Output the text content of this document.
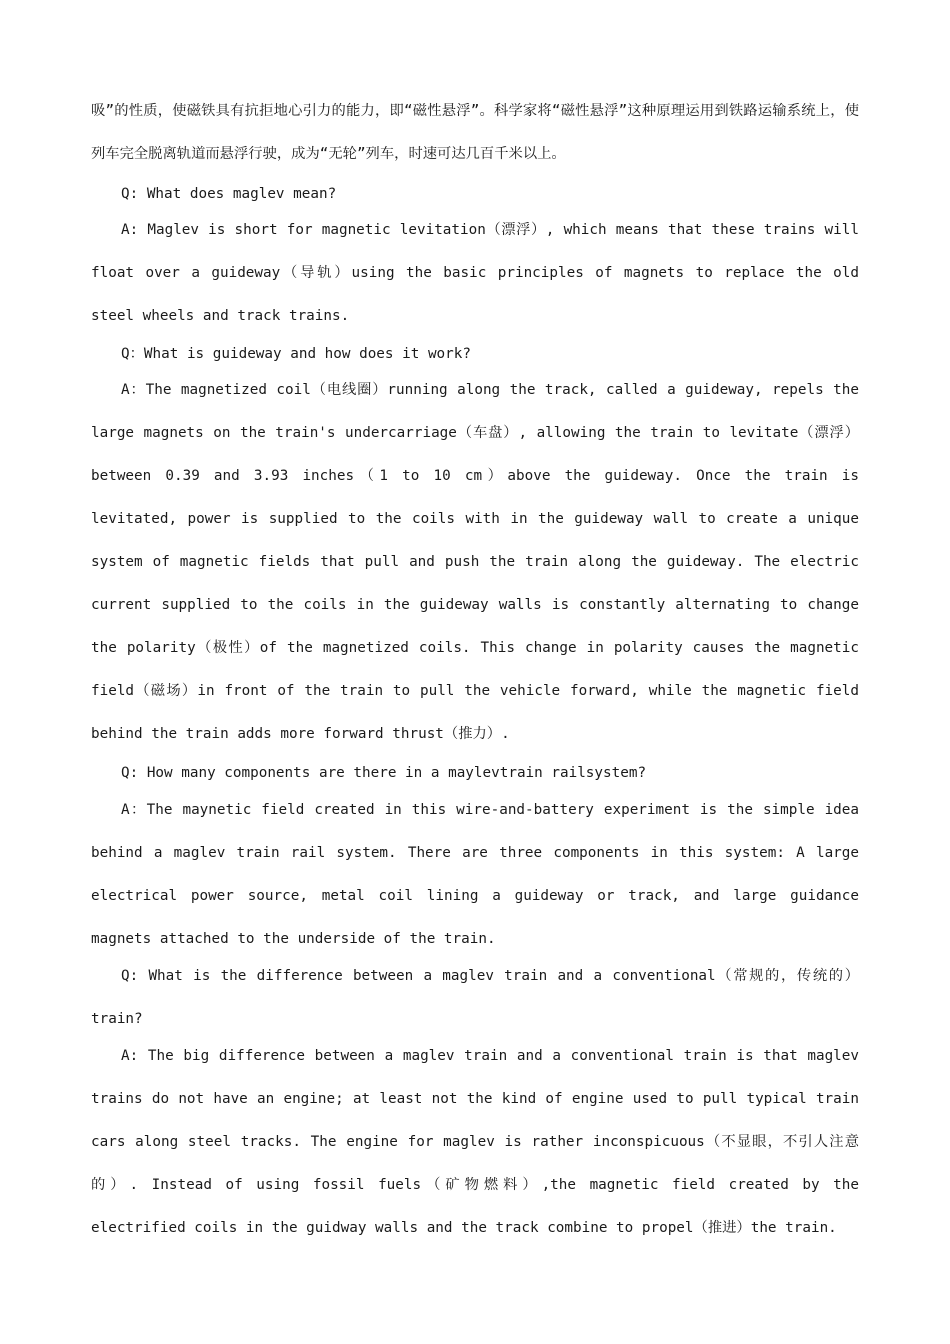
吸”的性质，使磁铁具有抗拒地心引力的能力，即“磁性悬浮”。科学家将“磁性悬浮”这种原理运用到铁路运输系统上，使列车完全脱离轨道而悬浮行驶，成为“无轮”列车，时速可达几百千米以上。

Q: What does maglev mean?

A: Maglev is short for magnetic levitation（漂浮）, which means that these trains will float over a guideway（导轨）using the basic principles of magnets to replace the old steel wheels and track trains.

Q：What is guideway and how does it work?

A：The magnetized coil（电线圈）running along the track, called a guideway, repels the large magnets on the train's undercarriage（车盘）, allowing the train to levitate（漂浮）between 0.39 and 3.93 inches（1 to 10 cm）above the guideway. Once the train is levitated, power is supplied to the coils with in the guideway wall to create a unique system of magnetic fields that pull and push the train along the guideway. The electric current supplied to the coils in the guideway walls is constantly alternating to change the polarity（极性）of the magnetized coils. This change in polarity causes the magnetic field（磁场）in front of the train to pull the vehicle forward, while the magnetic field behind the train adds more forward thrust（推力）.

Q: How many components are there in a maylevtrain railsystem?

A：The maynetic field created in this wire-and-battery experiment is the simple idea behind a maglev train rail system. There are three components in this system: A large electrical power source, metal coil lining a guideway or track, and large guidance magnets attached to the underside of the train.

Q: What is the difference between a maglev train and a conventional（常规的，传统的）train?

A: The big difference between a maglev train and a conventional train is that maglev trains do not have an engine; at least not the kind of engine used to pull typical train cars along steel tracks. The engine for maglev is rather inconspicuous（不显眼，不引人注意的）. Instead of using fossil fuels（矿物燃料）,the magnetic field created by the electrified coils in the guidway walls and the track combine to propel（推进）the train.
